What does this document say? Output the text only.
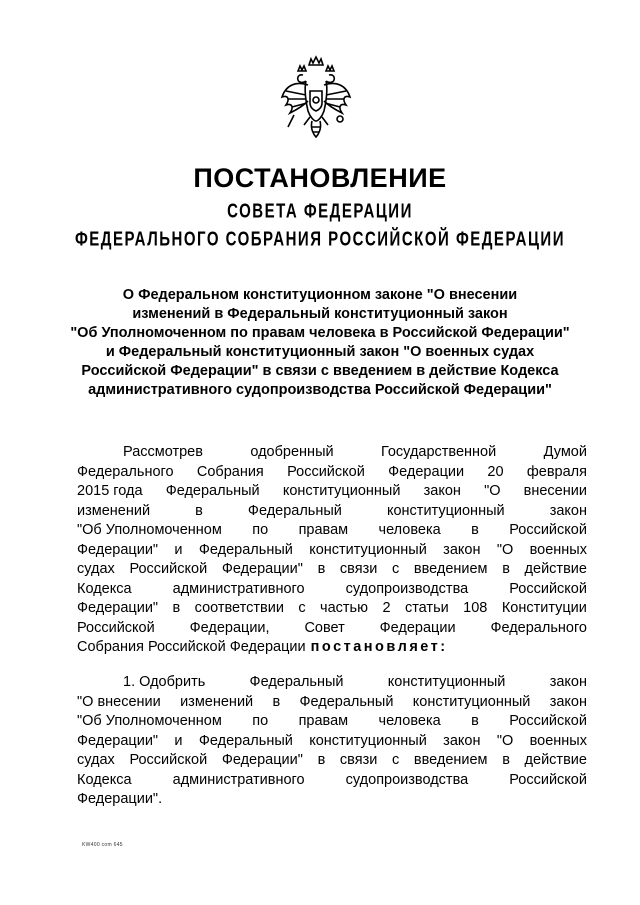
ПОСТАНОВЛЕНИЕ
СОВЕТА ФЕДЕРАЦИИ
ФЕДЕРАЛЬНОГО СОБРАНИЯ РОССИЙСКОЙ ФЕДЕРАЦИИ
О Федеральном конституционном законе "О внесении
изменений в Федеральный конституционный закон
"Об Уполномоченном по правам человека в Российской Федерации"
и Федеральный конституционный закон "О военных судах
Российской Федерации" в связи с введением в действие Кодекса
административного судопроизводства Российской Федерации"
Рассмотрев	одобренный	Государственной	Думой
Федерального Собрания Российской Федерации 20 февраля
2015 года Федеральный конституционный закон "О внесении
изменений	в	Федеральный	конституционный	закон
"Об Уполномоченном по правам человека в Российской
Федерации" и Федеральный конституционный закон "О военных
судах Российской Федерации" в связи с введением в действие
Кодекса	административного	судопроизводства	Российской
Федерации" в соответствии с частью 2 статьи 108 Конституции
Российской Федерации, Совет Федерации Федерального
Собрания Российской Федерации постановляет:
1. Одобрить	Федеральный	конституционный	закон
"О внесении изменений в Федеральный конституционный закон
"Об Уполномоченном по правам человека в Российской
Федерации" и Федеральный конституционный закон "О военных
судах Российской Федерации" в связи с введением в действие
Кодекса	административного	судопроизводства	Российской
Федерации".
KW400 com 645
